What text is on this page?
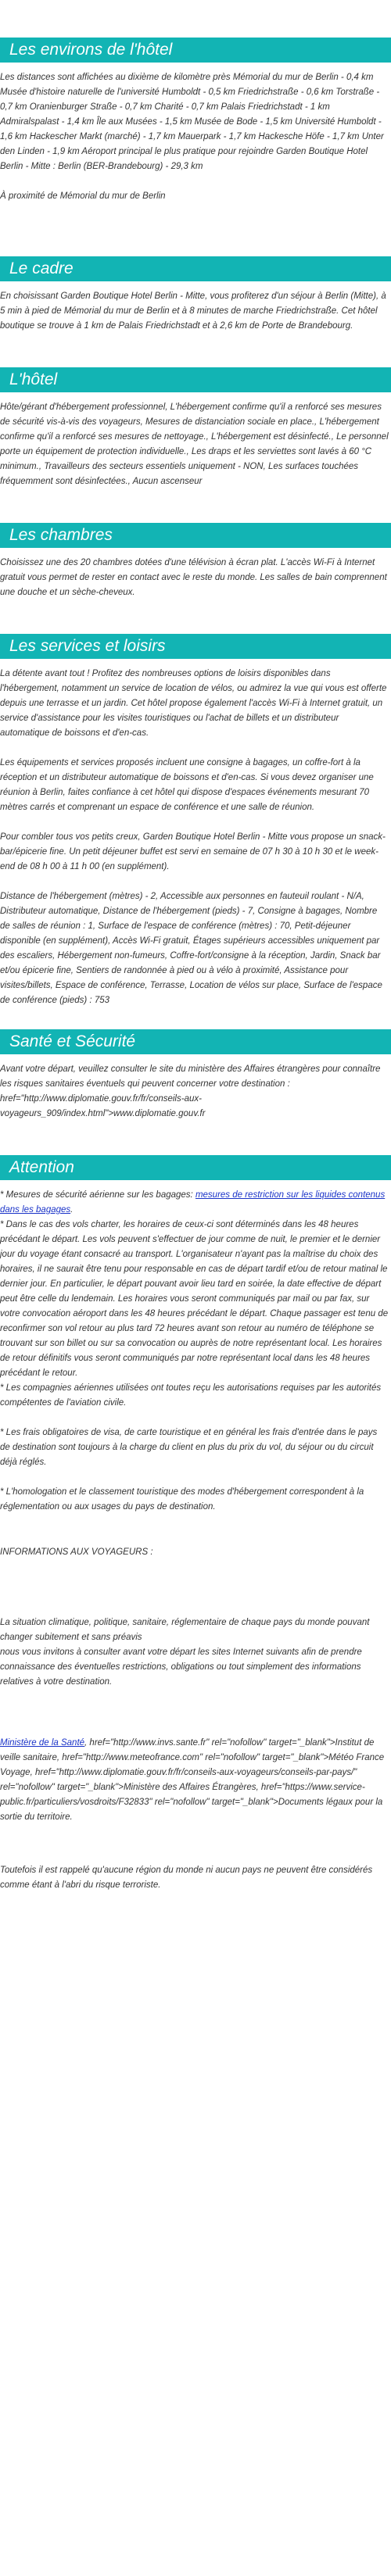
Les environs de l'hôtel

Les distances sont affichées au dixième de kilomètre près Mémorial du mur de Berlin - 0,4 km Musée d'histoire naturelle de l'université Humboldt - 0,5 km Friedrichstraße - 0,6 km Torstraße - 0,7 km Oranienburger Straße - 0,7 km Charité - 0,7 km Palais Friedrichstadt - 1 km Admiralspalast - 1,4 km Île aux Musées - 1,5 km Musée de Bode - 1,5 km Université Humboldt - 1,6 km Hackescher Markt (marché) - 1,7 km Mauerpark - 1,7 km Hackesche Höfe - 1,7 km Unter den Linden - 1,9 km Aéroport principal le plus pratique pour rejoindre Garden Boutique Hotel Berlin - Mitte : Berlin (BER-Brandebourg) - 29,3 km

À proximité de Mémorial du mur de Berlin

Le cadre

En choisissant Garden Boutique Hotel Berlin - Mitte, vous profiterez d'un séjour à Berlin (Mitte), à 5 min à pied de Mémorial du mur de Berlin et à 8 minutes de marche Friedrichstraße. Cet hôtel boutique se trouve à 1 km de Palais Friedrichstadt et à 2,6 km de Porte de Brandebourg.

L'hôtel

Hôte/gérant d'hébergement professionnel, L'hébergement confirme qu'il a renforcé ses mesures de sécurité vis-à-vis des voyageurs, Mesures de distanciation sociale en place., L'hébergement confirme qu'il a renforcé ses mesures de nettoyage., L'hébergement est désinfecté., Le personnel porte un équipement de protection individuelle., Les draps et les serviettes sont lavés à 60 °C minimum., Travailleurs des secteurs essentiels uniquement - NON, Les surfaces touchées fréquemment sont désinfectées., Aucun ascenseur

Les chambres

Choisissez une des 20 chambres dotées d'une télévision à écran plat. L'accès Wi-Fi à Internet gratuit vous permet de rester en contact avec le reste du monde. Les salles de bain comprennent une douche et un sèche-cheveux.

Les services et loisirs

La détente avant tout ! Profitez des nombreuses options de loisirs disponibles dans l'hébergement, notamment un service de location de vélos, ou admirez la vue qui vous est offerte depuis une terrasse et un jardin. Cet hôtel propose également l'accès Wi-Fi à Internet gratuit, un service d'assistance pour les visites touristiques ou l'achat de billets et un distributeur automatique de boissons et d'en-cas.

Les équipements et services proposés incluent une consigne à bagages, un coffre-fort à la réception et un distributeur automatique de boissons et d'en-cas. Si vous devez organiser une réunion à Berlin, faites confiance à cet hôtel qui dispose d'espaces événements mesurant 70 mètres carrés et comprenant un espace de conférence et une salle de réunion.

Pour combler tous vos petits creux, Garden Boutique Hotel Berlin - Mitte vous propose un snack-bar/épicerie fine. Un petit déjeuner buffet est servi en semaine de 07 h 30 à 10 h 30 et le week-end de 08 h 00 à 11 h 00 (en supplément).

Distance de l'hébergement (mètres) - 2, Accessible aux personnes en fauteuil roulant - N/A, Distributeur automatique, Distance de l'hébergement (pieds) - 7, Consigne à bagages, Nombre de salles de réunion : 1, Surface de l'espace de conférence (mètres) : 70, Petit-déjeuner disponible (en supplément), Accès Wi-Fi gratuit, Étages supérieurs accessibles uniquement par des escaliers, Hébergement non-fumeurs, Coffre-fort/consigne à la réception, Jardin, Snack bar et/ou épicerie fine, Sentiers de randonnée à pied ou à vélo à proximité, Assistance pour visites/billets, Espace de conférence, Terrasse, Location de vélos sur place, Surface de l'espace de conférence (pieds) : 753

Santé et Sécurité

Avant votre départ, veuillez consulter le site du ministère des Affaires étrangères pour connaître les risques sanitaires éventuels qui peuvent concerner votre destination : href="http://www.diplomatie.gouv.fr/fr/conseils-aux-voyageurs_909/index.html">www.diplomatie.gouv.fr

Attention

* Mesures de sécurité aérienne sur les bagages: mesures de restriction sur les liquides contenus dans les bagages.

* Dans le cas des vols charter, les horaires de ceux-ci sont déterminés dans les 48 heures précédant le départ. Les vols peuvent s'effectuer de jour comme de nuit, le premier et le dernier jour du voyage étant consacré au transport. L'organisateur n'ayant pas la maîtrise du choix des horaires, il ne saurait être tenu pour responsable en cas de départ tardif et/ou de retour matinal le dernier jour. En particulier, le départ pouvant avoir lieu tard en soirée, la date effective de départ peut être celle du lendemain. Les horaires vous seront communiqués par mail ou par fax, sur votre convocation aéroport dans les 48 heures précédant le départ. Chaque passager est tenu de reconfirmer son vol retour au plus tard 72 heures avant son retour au numéro de téléphone se trouvant sur son billet ou sur sa convocation ou auprès de notre représentant local. Les horaires de retour définitifs vous seront communiqués par notre représentant local dans les 48 heures précédant le retour.

* Les compagnies aériennes utilisées ont toutes reçu les autorisations requises par les autorités compétentes de l'aviation civile.

* Les frais obligatoires de visa, de carte touristique et en général les frais d'entrée dans le pays de destination sont toujours à la charge du client en plus du prix du vol, du séjour ou du circuit déjà réglés.

* L'homologation et le classement touristique des modes d'hébergement correspondent à la réglementation ou aux usages du pays de destination.

INFORMATIONS AUX VOYAGEURS :

La situation climatique, politique, sanitaire, réglementaire de chaque pays du monde pouvant changer subitement et sans préavis

nous vous invitons à consulter avant votre départ les sites Internet suivants afin de prendre connaissance des éventuelles restrictions, obligations ou tout simplement des informations relatives à votre destination.

Ministère de la Santé, href="http://www.invs.sante.fr" rel="nofollow" target="_blank">Institut de veille sanitaire, href="http://www.meteofrance.com" rel="nofollow" target="_blank">Météo France Voyage, href="http://www.diplomatie.gouv.fr/fr/conseils-aux-voyageurs/conseils-par-pays/" rel="nofollow" target="_blank">Ministère des Affaires Étrangères, href="https://www.service-public.fr/particuliers/vosdroits/F32833" rel="nofollow" target="_blank">Documents légaux pour la sortie du territoire.

Toutefois il est rappelé qu'aucune région du monde ni aucun pays ne peuvent être considérés comme étant à l'abri du risque terroriste.
